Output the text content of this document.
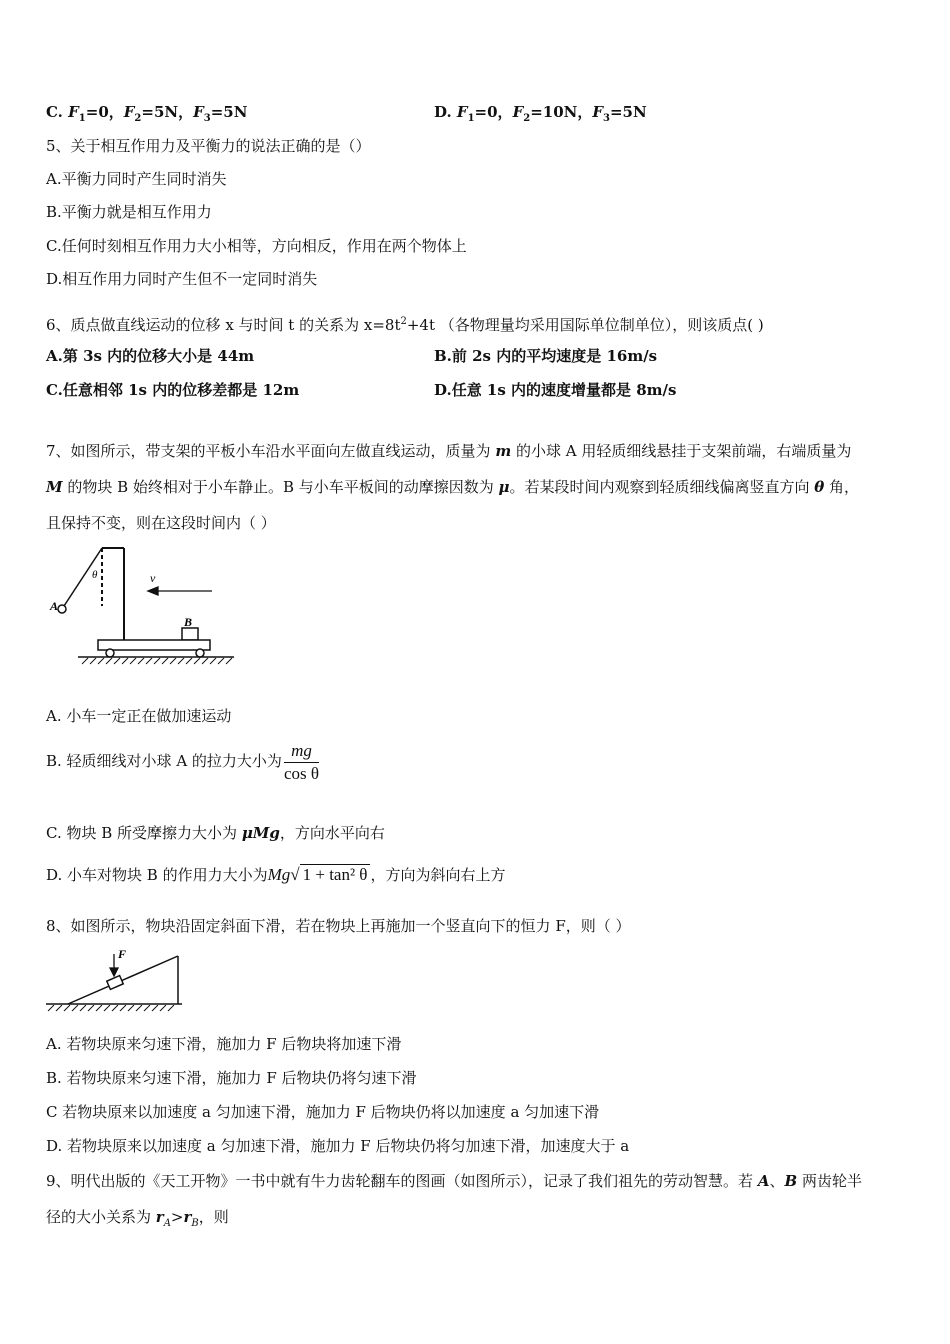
C. $F_1=0$，$F_2=5N$，$F_3=5N$	D. $F_1=0$，$F_2=10N$，$F_3=5N$
5、关于相互作用力及平衡力的说法正确的是（）
A.平衡力同时产生同时消失
B.平衡力就是相互作用力
C.任何时刻相互作用力大小相等，方向相反，作用在两个物体上
D.相互作用力同时产生但不一定同时消失
6、质点做直线运动的位移 x 与时间 t 的关系为 $x=8t^2+4t$ （各物理量均采用国际单位制单位），则该质点( )
A.第 3s 内的位移大小是 44m	B.前 2s 内的平均速度是 16m/s
C.任意相邻 1s 内的位移差都是 12m	D.任意 1s 内的速度增量都是 8m/s
7、如图所示，带支架的平板小车沿水平面向左做直线运动，质量为 m 的小球 A 用轻质细线悬挂于支架前端，右端质量为
M 的物块 B 始终相对于小车静止。B 与小车平板间的动摩擦因数为 μ。若某段时间内观察到轻质细线偏离竖直方向 θ 角，
且保持不变，则在这段时间内（ ）
A
θ	v
B
A. 小车一定正在做加速运动
B. 轻质细线对小球 A 的拉力大小为 $\frac{mg}{\text{cos θ}}$
C. 物块 B 所受摩擦力大小为 μMg，方向水平向右
D. 小车对物块 B 的作用力大小为Mg√ 1 + tan² θ ，方向为斜向右上方
8、如图所示，物块沿固定斜面下滑，若在物块上再施加一个竖直向下的恒力 F，则（ ）
F
A. 若物块原来匀速下滑，施加力 F 后物块将加速下滑
B. 若物块原来匀速下滑，施加力 F 后物块仍将匀速下滑
C 若物块原来以加速度 a 匀加速下滑，施加力 F 后物块仍将以加速度 a 匀加速下滑
D. 若物块原来以加速度 a 匀加速下滑，施加力 F 后物块仍将匀加速下滑，加速度大于 a
9、明代出版的《天工开物》一书中就有牛力齿轮翻车的图画（如图所示），记录了我们祖先的劳动智慧。若 A、B 两齿轮半
径的大小关系为 $r_A>r_B$，则
